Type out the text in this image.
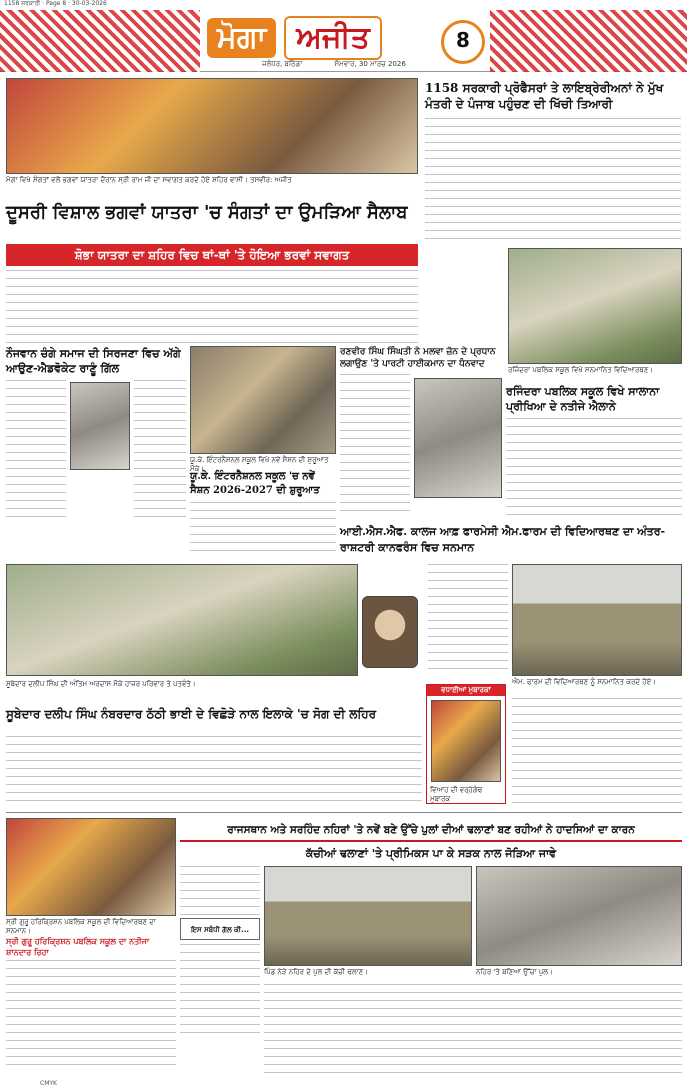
1158 ਸਰਕਾਰੀ · Page 8 · 30-03-2026
ਮੋਗਾ	ਅਜੀਤ	8
ਜਲੰਧਰ, ਬਠਿੰਡਾ	ਸੋਮਵਾਰ, 30 ਮਾਰਚ 2026
ਮੋਗਾ ਵਿਖੇ ਸੰਗਤਾਂ ਵਲੋਂ ਭਗਵਾਂ ਯਾਤਰਾ ਦੌਰਾਨ ਸ੍ਰੀ ਰਾਮ ਜੀ ਦਾ ਸਵਾਗਤ ਕਰਦੇ ਹੋਏ ਸ਼ਹਿਰ ਵਾਸੀ। ਤਸਵੀਰ: ਅਜੀਤ
1158 ਸਰਕਾਰੀ ਪ੍ਰੋਫੈਸਰਾਂ ਤੇ ਲਾਇਬ੍ਰੇਰੀਅਨਾਂ ਨੇ ਮੁੱਖ ਮੰਤਰੀ ਦੇ ਪੰਜਾਬ ਪਹੁੰਚਣ ਦੀ ਖਿੱਚੀ ਤਿਆਰੀ
ਦੂਸਰੀ ਵਿਸ਼ਾਲ ਭਗਵਾਂ ਯਾਤਰਾ 'ਚ ਸੰਗਤਾਂ ਦਾ ਉਮੜਿਆ ਸੈਲਾਬ
ਸ਼ੋਭਾ ਯਾਤਰਾ ਦਾ ਸ਼ਹਿਰ ਵਿਚ ਥਾਂ-ਥਾਂ 'ਤੇ ਹੋਇਆ ਭਰਵਾਂ ਸਵਾਗਤ
ਰਜਿੰਦਰਾ ਪਬਲਿਕ ਸਕੂਲ ਵਿਖੇ ਸਨਮਾਨਿਤ ਵਿਦਿਆਰਥਣ।
ਰਜਿੰਦਰਾ ਪਬਲਿਕ ਸਕੂਲ ਵਿਖੇ ਸਾਲਾਨਾ ਪ੍ਰੀਖਿਆ ਦੇ ਨਤੀਜੇ ਐਲਾਨੇ
ਨੌਜਵਾਨ ਚੰਗੇ ਸਮਾਜ ਦੀ ਸਿਰਜਣਾ ਵਿਚ ਅੱਗੇ ਆਉਣ-ਐਡਵੋਕੇਟ ਰਾਣੂੰ ਗਿੱਲ
ਯੂ.ਕੇ. ਇੰਟਰਨੈਸ਼ਨਲ ਸਕੂਲ ਵਿਖੇ ਨਵੇਂ ਸੈਸ਼ਨ ਦੀ ਸ਼ੁਰੂਆਤ ਮੌਕੇ।
ਯੂ.ਕੇ. ਇੰਟਰਨੈਸ਼ਨਲ ਸਕੂਲ 'ਚ ਨਵੇਂ ਸੈਸ਼ਨ 2026-2027 ਦੀ ਸ਼ੁਰੂਆਤ
ਰਣਵੀਰ ਸਿੰਘ ਸਿੰਘਤੀ ਨੇ ਮਲਵਾ ਜ਼ੋਨ ਦੇ ਪ੍ਰਧਾਨ ਲਗਾਉਣ 'ਤੇ ਪਾਰਟੀ ਹਾਈਕਮਾਨ ਦਾ ਧੰਨਵਾਦ
ਆਈ.ਐਸ.ਐਫ. ਕਾਲਜ ਆਫ਼ ਫਾਰਮੇਸੀ ਐਮ.ਫਾਰਮ ਦੀ ਵਿਦਿਆਰਥਣ ਦਾ ਅੰਤਰ-ਰਾਸ਼ਟਰੀ ਕਾਨਫਰੰਸ ਵਿਚ ਸਨਮਾਨ
ਐਮ. ਫਾਰਮ ਦੀ ਵਿਦਿਆਰਥਣ ਨੂੰ ਸਨਮਾਨਿਤ ਕਰਦੇ ਹੋਏ।
ਸੂਬੇਦਾਰ ਦਲੀਪ ਸਿੰਘ ਦੀ ਅੰਤਿਮ ਅਰਦਾਸ ਮੌਕੇ ਹਾਜ਼ਰ ਪਰਿਵਾਰ ਤੇ ਪਤਵੰਤੇ।
ਵਧਾਈਆਂ ਮੁਬਾਰਕਾਂ
ਵਿਆਹ ਦੀ ਵਰ੍ਹੇਗੰਢ ਮੁਬਾਰਕ
ਸੂਬੇਦਾਰ ਦਲੀਪ ਸਿੰਘ ਨੰਬਰਦਾਰ ਠੱਠੀ ਭਾਈ ਦੇ ਵਿਛੋੜੇ ਨਾਲ ਇਲਾਕੇ 'ਚ ਸੋਗ ਦੀ ਲਹਿਰ
ਸ੍ਰੀ ਗੁਰੂ ਹਰਿਕ੍ਰਿਸ਼ਨ ਪਬਲਿਕ ਸਕੂਲ ਦੀ ਵਿਦਿਆਰਥਣ ਦਾ ਸਨਮਾਨ।
ਸ੍ਰੀ ਗੁਰੂ ਹਰਿਕ੍ਰਿਸ਼ਨ ਪਬਲਿਕ ਸਕੂਲ ਦਾ ਨਤੀਜਾ ਸ਼ਾਨਦਾਰ ਰਿਹਾ
ਰਾਜਸਥਾਨ ਅਤੇ ਸਰਹਿੰਦ ਨਹਿਰਾਂ 'ਤੇ ਨਵੇਂ ਬਣੇ ਉੱਚੇ ਪੁਲਾਂ ਦੀਆਂ ਢਲਾਣਾਂ ਬਣ ਰਹੀਆਂ ਨੇ ਹਾਦਸਿਆਂ ਦਾ ਕਾਰਨ
ਕੱਚੀਆਂ ਢਲਾਣਾਂ 'ਤੇ ਪ੍ਰੀਮਿਕਸ ਪਾ ਕੇ ਸੜਕ ਨਾਲ ਜੋੜਿਆ ਜਾਵੇ
ਇਸ ਸਬੰਧੀ ਗੱਲ ਕੀ...
ਪਿੰਡ ਨੇੜੇ ਨਹਿਰ ਦੇ ਪੁਲ ਦੀ ਕੱਚੀ ਢਲਾਣ।	ਨਹਿਰ 'ਤੇ ਬਣਿਆ ਉੱਚਾ ਪੁਲ।
CMYK
